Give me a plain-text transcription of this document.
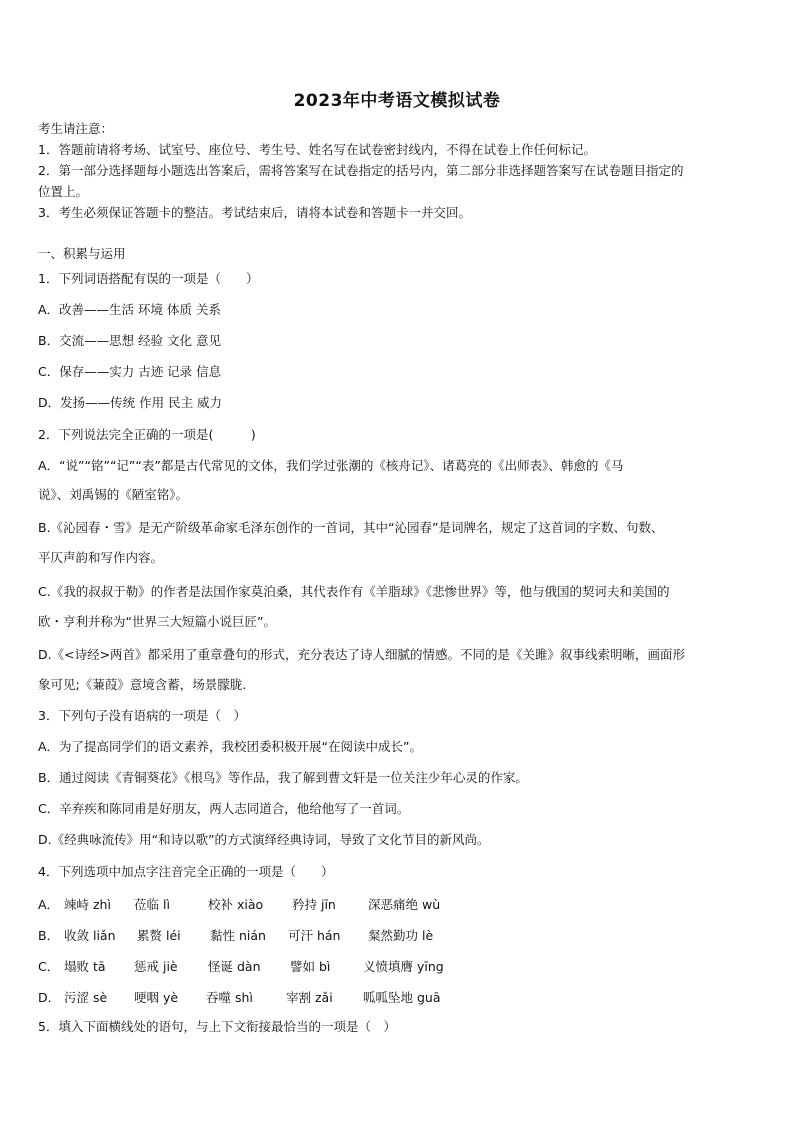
2023年中考语文模拟试卷
考生请注意：
1．答题前请将考场、试室号、座位号、考生号、姓名写在试卷密封线内，不得在试卷上作任何标记。
2．第一部分选择题每小题选出答案后，需将答案写在试卷指定的括号内，第二部分非选择题答案写在试卷题目指定的
位置上。
3．考生必须保证答题卡的整洁。考试结束后，请将本试卷和答题卡一并交回。
一、积累与运用
1．下列词语搭配有误的一项是（　　）
A．改善——生活 环境 体质 关系
B．交流——思想 经验 文化 意见
C．保存——实力 古迹 记录 信息
D．发扬——传统 作用 民主 威力
2．下列说法完全正确的一项是(　　　)
A．“说”“铭”“记”“表”都是古代常见的文体，我们学过张潮的《核舟记》、诸葛亮的《出师表》、韩愈的《马
说》、刘禹锡的《陋室铭》。
B.《沁园春・雪》是无产阶级革命家毛泽东创作的一首词，其中“沁园春”是词牌名，规定了这首词的字数、句数、
平仄声韵和写作内容。
C.《我的叔叔于勒》的作者是法国作家莫泊桑，其代表作有《羊脂球》《悲惨世界》等，他与俄国的契诃夫和美国的
欧・亨利并称为“世界三大短篇小说巨匠”。
D.《<诗经>两首》都采用了重章叠句的形式，充分表达了诗人细腻的情感。不同的是《关雎》叙事线索明晰，画面形
象可见;《蒹葭》意境含蓄，场景朦胧.
3．下列句子没有语病的一项是（　）
A．为了提高同学们的语文素养，我校团委积极开展“在阅读中成长”。
B．通过阅读《青铜葵花》《根鸟》等作品，我了解到曹文轩是一位关注少年心灵的作家。
C．辛弃疾和陈同甫是好朋友，两人志同道合，他给他写了一首词。
D.《经典咏流传》用“和诗以歌”的方式演绎经典诗词，导致了文化节目的新风尚。
4．下列选项中加点字注音完全正确的一项是（　　）
A． 竦峙 zhì 莅临 lì	校补 xiào 矜持 jīn	深恶痛绝 wù
B． 收敛 liǎn 累赘 léi 黏性 nián 可汗 hán 粲然勤功 lè
C． 塌败 tā 惩戒 jiè 怪诞 dàn 譬如 bì	义愤填膺 yīng
D． 污涩 sè 哽咽 yè 吞噬 shì	宰割 zǎi 呱呱坠地 guā
5．填入下面横线处的语句，与上下文衔接最恰当的一项是（　）
